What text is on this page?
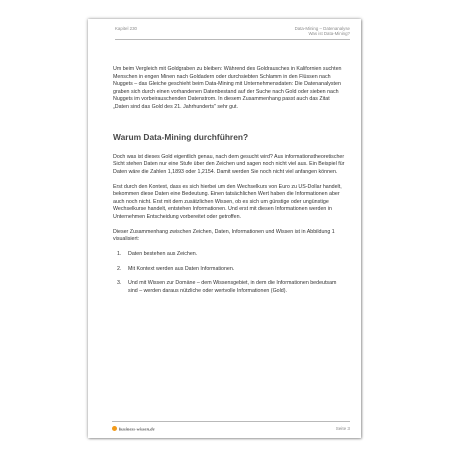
Kapitel 230	Data-Mining – Datenanalyse
Was ist Data-Mining?

Um beim Vergleich mit Goldgraben zu bleiben: Während des Goldrausches in Kalifornien suchten Menschen in engen Minen nach Goldadern oder durchsiebten Schlamm in den Flüssen nach Nuggets – das Gleiche geschieht beim Data-Mining mit Unternehmensdaten: Die Datenanalysten graben sich durch einen vorhandenen Datenbestand auf der Suche nach Gold oder sieben nach Nuggets im vorbeirauschenden Datenstrom. In diesem Zusammenhang passt auch das Zitat „Daten sind das Gold des 21. Jahrhunderts" sehr gut.

Warum Data-Mining durchführen?

Doch was ist dieses Gold eigentlich genau, nach dem gesucht wird? Aus informationstheoretischer Sicht stehen Daten nur eine Stufe über den Zeichen und sagen noch nicht viel aus. Ein Beispiel für Daten wäre die Zahlen 1,1893 oder 1,2154. Damit werden Sie noch nicht viel anfangen können.

Erst durch den Kontext, dass es sich hierbei um den Wechselkurs von Euro zu US-Dollar handelt, bekommen diese Daten eine Bedeutung. Einen tatsächlichen Wert haben die Informationen aber auch noch nicht. Erst mit dem zusätzlichen Wissen, ob es sich um günstige oder ungünstige Wechselkurse handelt, entstehen Informationen. Und erst mit diesen Informationen werden in Unternehmen Entscheidung vorbereitet oder getroffen.

Dieser Zusammenhang zwischen Zeichen, Daten, Informationen und Wissen ist in Abbildung 1 visualisiert:

1. Daten bestehen aus Zeichen.
2. Mit Kontext werden aus Daten Informationen.
3. Und mit Wissen zur Domäne – dem Wissensgebiet, in dem die Informationen bedeutsam sind – werden daraus nützliche oder wertvolle Informationen (Gold).
business-wissen.de	Seite 3
